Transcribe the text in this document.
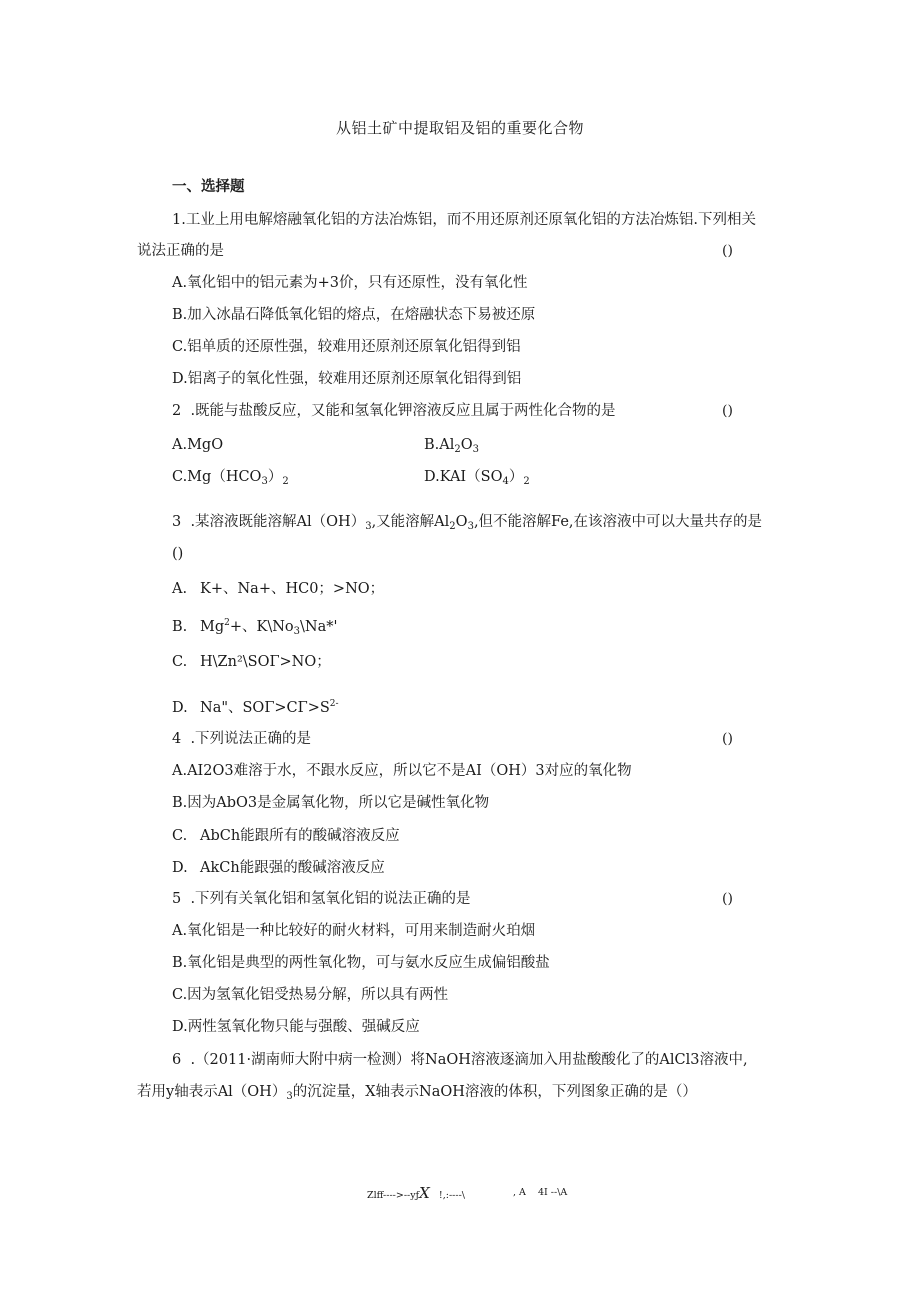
从铝土矿中提取铝及铝的重要化合物
一、选择题
1.工业上用电解熔融氧化铝的方法冶炼铝，而不用还原剂还原氧化铝的方法冶炼铝.下列相关
说法正确的是	()
A.氧化铝中的铝元素为+3价，只有还原性，没有氧化性
B.加入冰晶石降低氧化铝的熔点，在熔融状态下易被还原
C.铝单质的还原性强，较难用还原剂还原氧化铝得到铝
D.铝离子的氧化性强，较难用还原剂还原氧化铝得到铝
2  .既能与盐酸反应，又能和氢氧化钾溶液反应且属于两性化合物的是	()
A.MgO	$B.Al_2O_3$
$C.Mg(HCO_3)_2$	$D.KAI(SO_4)_2$
3  .某溶液既能溶解$Al(OH)_3$,又能溶解$Al_2O_3$,但不能溶解Fe,在该溶液中可以大量共存的是
()
A. K+、Na+、HC0；>NO；
B. $Mg^2+$、$K\backslash No_3\backslash Na*'$
C. H\Zn²\SOΓ>NO；
D. Na"、$SO\Gamma>C\Gamma>S^{2-}$
4  .下列说法正确的是	()
A.AI2O3难溶于水，不跟水反应，所以它不是AI（OH）3对应的氧化物
B.因为AbO3是金属氧化物，所以它是碱性氧化物
C. AbCh能跟所有的酸碱溶液反应
D. AkCh能跟强的酸碱溶液反应
5  .下列有关氧化铝和氢氧化铝的说法正确的是	()
A.氧化铝是一种比较好的耐火材料，可用来制造耐火珀烟
B.氧化铝是典型的两性氧化物，可与氨水反应生成偏铝酸盐
C.因为氢氧化铝受热易分解，所以具有两性
D.两性氢氧化物只能与强酸、强碱反应
6  .（2011·湖南师大附中病一检测）将NaOH溶液逐滴加入用盐酸酸化了的AlCl3溶液中,
若用y轴表示$Al(OH)_3$的沉淀量，X轴表示NaOH溶液的体积，下列图象正确的是（）
Zlff---->--yƒX   !,:----\	, A    4I --\A
